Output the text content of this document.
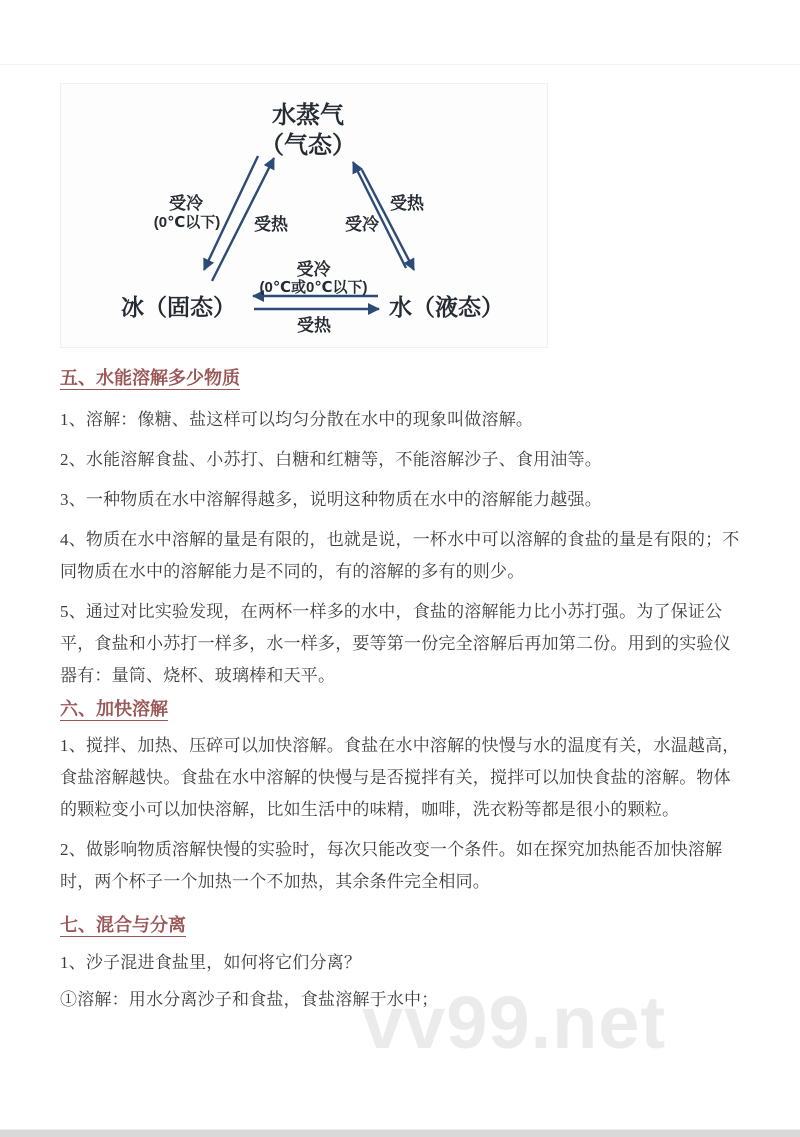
水蒸气
（气态）
冰（固态）	水（液态）
受冷
(0℃以下)	受热
受热
受冷
受冷
(0℃或0℃以下)
受热
五、水能溶解多少物质

1、溶解：像糖、盐这样可以均匀分散在水中的现象叫做溶解。

2、水能溶解食盐、小苏打、白糖和红糖等，不能溶解沙子、食用油等。

3、一种物质在水中溶解得越多，说明这种物质在水中的溶解能力越强。

4、物质在水中溶解的量是有限的，也就是说，一杯水中可以溶解的食盐的量是有限的；不同物质在水中的溶解能力是不同的，有的溶解的多有的则少。

5、通过对比实验发现，在两杯一样多的水中，食盐的溶解能力比小苏打强。为了保证公平，食盐和小苏打一样多，水一样多，要等第一份完全溶解后再加第二份。用到的实验仪器有：量筒、烧杯、玻璃棒和天平。

六、加快溶解

1、搅拌、加热、压碎可以加快溶解。食盐在水中溶解的快慢与水的温度有关，水温越高，食盐溶解越快。食盐在水中溶解的快慢与是否搅拌有关，搅拌可以加快食盐的溶解。物体的颗粒变小可以加快溶解，比如生活中的味精，咖啡，洗衣粉等都是很小的颗粒。

2、做影响物质溶解快慢的实验时，每次只能改变一个条件。如在探究加热能否加快溶解时，两个杯子一个加热一个不加热，其余条件完全相同。

七、混合与分离

1、沙子混进食盐里，如何将它们分离？

①溶解：用水分离沙子和食盐，食盐溶解于水中；

vv99.net
